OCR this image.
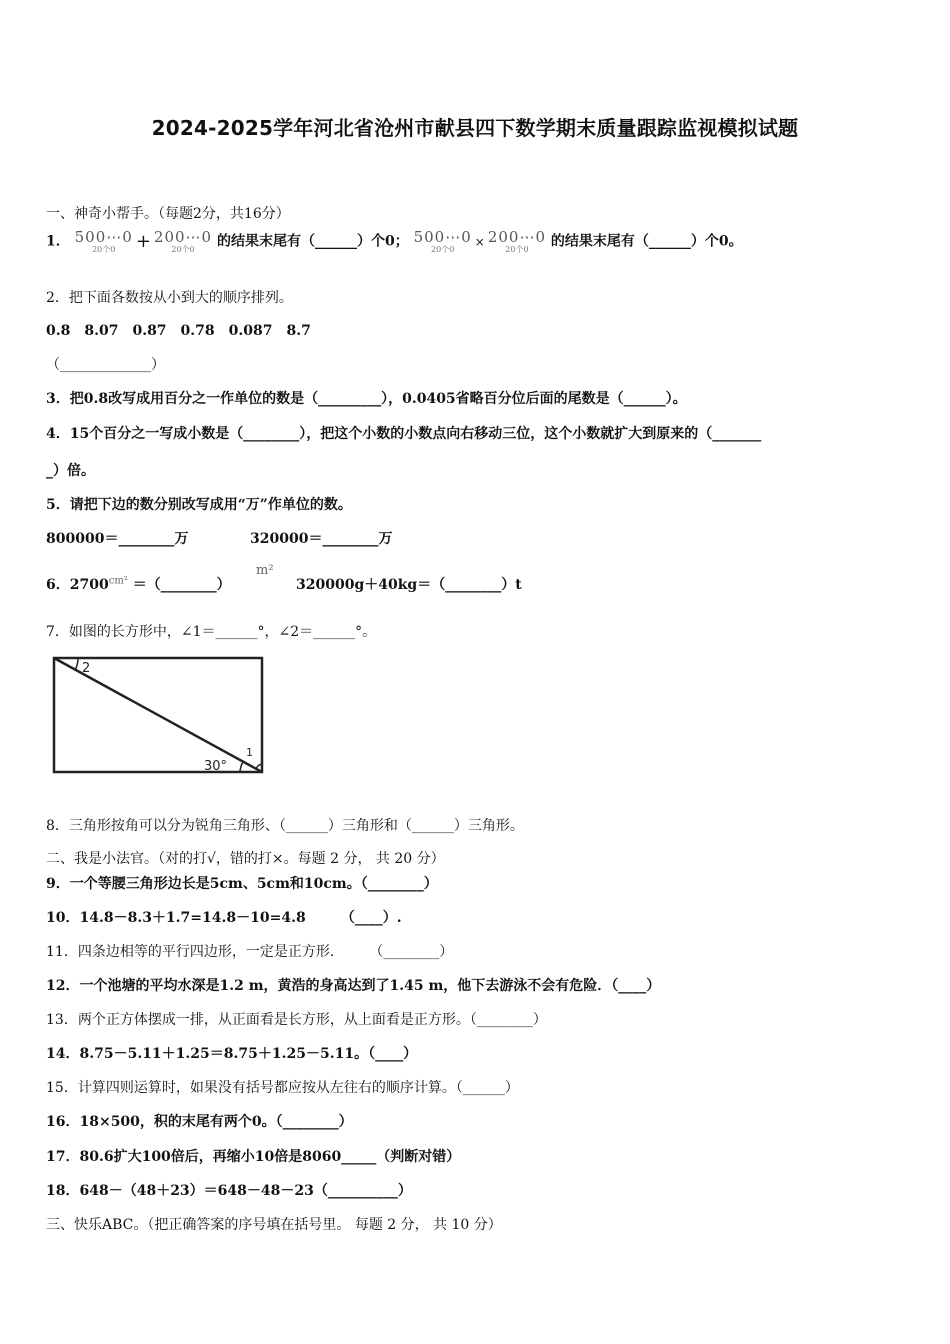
2024-2025学年河北省沧州市献县四下数学期末质量跟踪监视模拟试题
一、神奇小帮手。（每题2分，共16分）
1． 500⋯0
20个0	+ 200⋯0
20个0	的结果末尾有（______）个0； 500⋯0
20个0
× 200⋯0
20个0	的结果末尾有（______）个0。
2．把下面各数按从小到大的顺序排列。
0.8　8.07　0.87　0.78　0.087　8.7
（_____________）
3．把0.8改写成用百分之一作单位的数是（_________），0.0405省略百分位后面的尾数是（______）。
4．15个百分之一写成小数是（________），把这个小数的小数点向右移动三位，这个小数就扩大到原来的（_______
_）倍。
5．请把下边的数分别改写成用“万”作单位的数。
800000＝________万	320000＝________万
6．$2700^{cm^2}$ ＝（________）
m²
320000g＋40kg＝（________）t
7．如图的长方形中，∠1＝______°，∠2＝______°。
2
1
30°
8．三角形按角可以分为锐角三角形、（______）三角形和（______）三角形。
二、我是小法官。（对的打√，错的打×。每题 2 分， 共 20 分）
9．一个等腰三角形边长是5cm、5cm和10cm。（________）
10．14.8－8.3＋1.7=14.8－10=4.8　　　（____）.
11．四条边相等的平行四边形，一定是正方形.　　　（________）
12．一个池塘的平均水深是1.2 m，黄浩的身高达到了1.45 m，他下去游泳不会有危险．（____）
13．两个正方体摆成一排，从正面看是长方形，从上面看是正方形。（________）
14．8.75－5.11＋1.25＝8.75＋1.25－5.11。（____）
15．计算四则运算时，如果没有括号都应按从左往右的顺序计算。（______）
16．18×500，积的末尾有两个0。（________）
17．80.6扩大100倍后，再缩小10倍是8060_____（判断对错）
18．648－（48＋23）＝648－48－23（__________）
三、快乐ABC。（把正确答案的序号填在括号里。 每题 2 分， 共 10 分）
